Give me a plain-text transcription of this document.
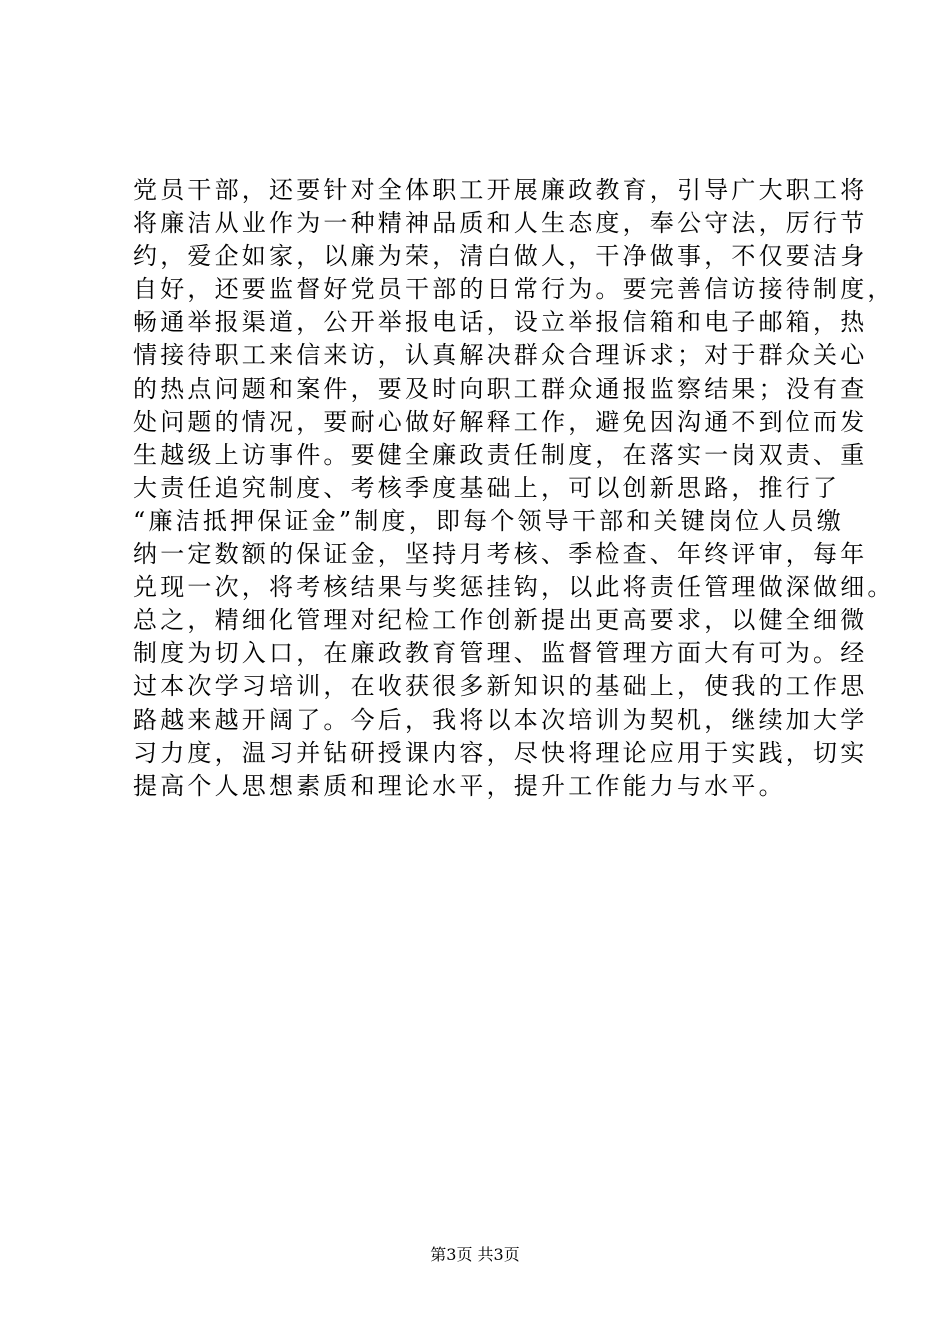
党员干部，还要针对全体职工开展廉政教育，引导广大职工将
将廉洁从业作为一种精神品质和人生态度，奉公守法，厉行节
约，爱企如家，以廉为荣，清白做人，干净做事，不仅要洁身
自好，还要监督好党员干部的日常行为。要完善信访接待制度，
畅通举报渠道，公开举报电话，设立举报信箱和电子邮箱，热
情接待职工来信来访，认真解决群众合理诉求；对于群众关心
的热点问题和案件，要及时向职工群众通报监察结果；没有查
处问题的情况，要耐心做好解释工作，避免因沟通不到位而发
生越级上访事件。要健全廉政责任制度，在落实一岗双责、重
大责任追究制度、考核季度基础上，可以创新思路，推行了
“廉洁抵押保证金”制度，即每个领导干部和关键岗位人员缴
纳一定数额的保证金，坚持月考核、季检查、年终评审，每年
兑现一次，将考核结果与奖惩挂钩，以此将责任管理做深做细。
总之，精细化管理对纪检工作创新提出更高要求，以健全细微
制度为切入口，在廉政教育管理、监督管理方面大有可为。经
过本次学习培训，在收获很多新知识的基础上，使我的工作思
路越来越开阔了。今后，我将以本次培训为契机，继续加大学
习力度，温习并钻研授课内容，尽快将理论应用于实践，切实
提高个人思想素质和理论水平，提升工作能力与水平。
第3页 共3页
